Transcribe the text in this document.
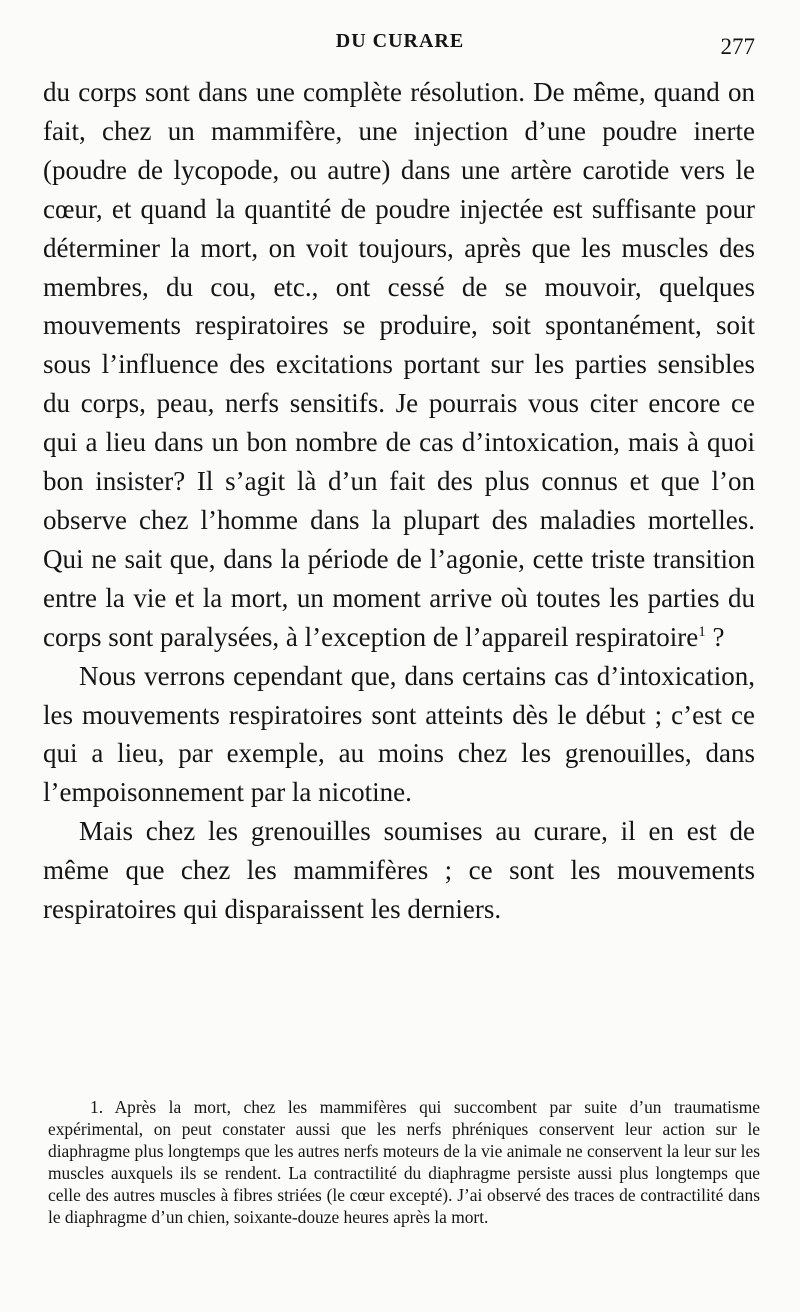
DU CURARE	277

du corps sont dans une complète résolution. De même, quand on fait, chez un mammifère, une injection d’une poudre inerte (poudre de lycopode, ou autre) dans une artère carotide vers le cœur, et quand la quantité de poudre injectée est suffisante pour déterminer la mort, on voit toujours, après que les muscles des membres, du cou, etc., ont cessé de se mouvoir, quelques mouvements respiratoires se produire, soit spontanément, soit sous l’influence des excitations portant sur les parties sensibles du corps, peau, nerfs sensitifs. Je pourrais vous citer encore ce qui a lieu dans un bon nombre de cas d’intoxication, mais à quoi bon insister? Il s’agit là d’un fait des plus connus et que l’on observe chez l’homme dans la plupart des maladies mortelles. Qui ne sait que, dans la période de l’agonie, cette triste transition entre la vie et la mort, un moment arrive où toutes les parties du corps sont paralysées, à l’exception de l’appareil respiratoire$^1$ ?

Nous verrons cependant que, dans certains cas d’intoxication, les mouvements respiratoires sont atteints dès le début ; c’est ce qui a lieu, par exemple, au moins chez les grenouilles, dans l’empoisonnement par la nicotine.

Mais chez les grenouilles soumises au curare, il en est de même que chez les mammifères ; ce sont les mouvements respiratoires qui disparaissent les derniers.

1. Après la mort, chez les mammifères qui succombent par suite d’un traumatisme expérimental, on peut constater aussi que les nerfs phréniques conservent leur action sur le diaphragme plus longtemps que les autres nerfs moteurs de la vie animale ne conservent la leur sur les muscles auxquels ils se rendent. La contractilité du diaphragme persiste aussi plus longtemps que celle des autres muscles à fibres striées (le cœur excepté). J’ai observé des traces de contractilité dans le diaphragme d’un chien, soixante-douze heures après la mort.
